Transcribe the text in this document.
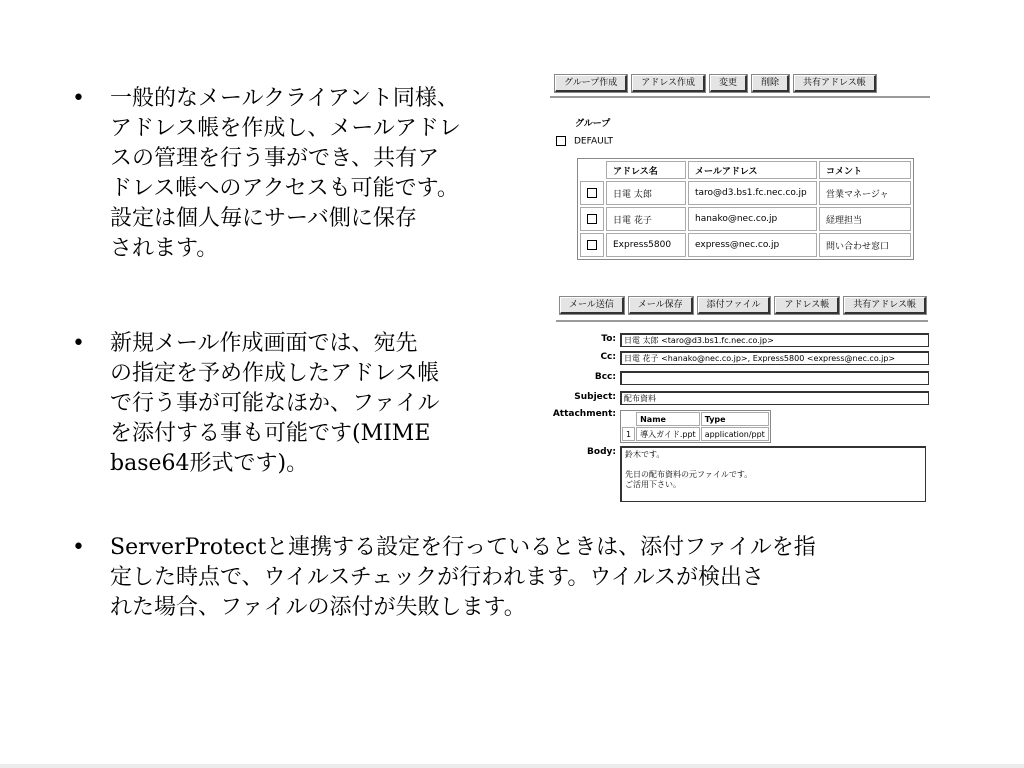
• 一般的なメールクライアント同様、
アドレス帳を作成し、メールアドレ
スの管理を行う事ができ、共有ア
ドレス帳へのアクセスも可能です。
設定は個人毎にサーバ側に保存
されます。
• 新規メール作成画面では、宛先
の指定を予め作成したアドレス帳
で行う事が可能なほか、ファイル
を添付する事も可能です(MIME
base64形式です)。
• ServerProtectと連携する設定を行っているときは、添付ファイルを指
定した時点で、ウイルスチェックが行われます。ウイルスが検出さ
れた場合、ファイルの添付が失敗します。
グループ作成	アドレス作成	変更	削除	共有アドレス帳
グループ
DEFAULT
	アドレス名	メールアドレス	コメント
	日電 太郎	taro@d3.bs1.fc.nec.co.jp	営業マネージャ
	日電 花子	hanako@nec.co.jp	経理担当
	Express5800	express@nec.co.jp	問い合わせ窓口
メール送信	メール保存	添付ファイル	アドレス帳	共有アドレス帳
To:	日電 太郎 <taro@d3.bs1.fc.nec.co.jp>
Cc:	日電 花子 <hanako@nec.co.jp>, Express5800 <express@nec.co.jp>
Bcc:
Subject:	配布資料
Attachment:
		Name	Type
1	導入ガイド.ppt	application/ppt
Body:	鈴木です。

先日の配布資料の元ファイルです。
ご活用下さい。
